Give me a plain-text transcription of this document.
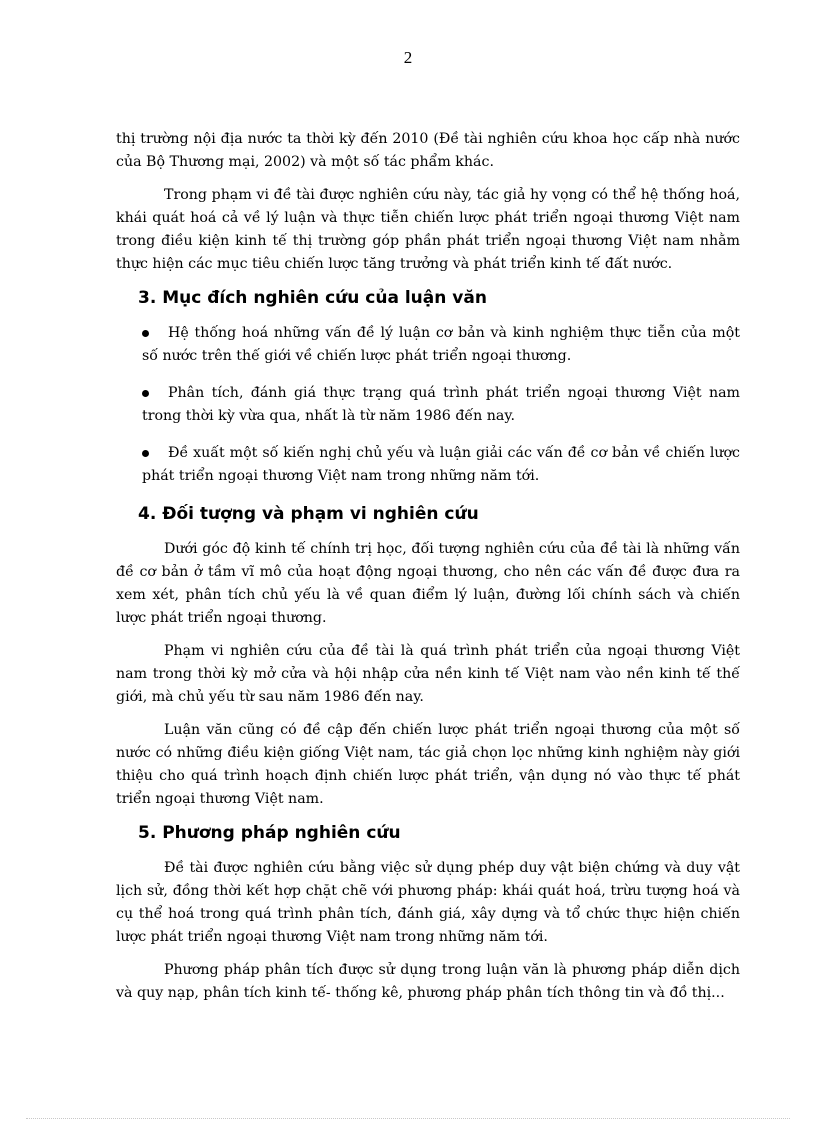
2

thị trường nội địa nước ta thời kỳ đến 2010 (Đề tài nghiên cứu khoa học cấp nhà nước của Bộ Thương mại, 2002) và một số tác phẩm khác.

Trong phạm vi đề tài được nghiên cứu này, tác giả hy vọng có thể hệ thống hoá, khái quát hoá cả về lý luận và thực tiễn chiến lược phát triển ngoại thương Việt nam trong điều kiện kinh tế thị trường góp phần phát triển ngoại thương Việt nam nhằm thực hiện các mục tiêu chiến lược tăng trưởng và phát triển kinh tế đất nước.

3. Mục đích nghiên cứu của luận văn
Hệ thống hoá những vấn đề lý luận cơ bản và kinh nghiệm thực tiễn của một số nước trên thế giới về chiến lược phát triển ngoại thương.
Phân tích, đánh giá thực trạng quá trình phát triển ngoại thương Việt nam trong thời kỳ vừa qua, nhất là từ năm 1986 đến nay.
Đề xuất một số kiến nghị chủ yếu và luận giải các vấn đề cơ bản về chiến lược phát triển ngoại thương Việt nam trong những năm tới.
4. Đối tượng và phạm vi nghiên cứu

Dưới góc độ kinh tế chính trị học, đối tượng nghiên cứu của đề tài là những vấn đề cơ bản ở tầm vĩ mô của hoạt động ngoại thương, cho nên các vấn đề được đưa ra xem xét, phân tích chủ yếu là về quan điểm lý luận, đường lối chính sách và chiến lược phát triển ngoại thương.

Phạm vi nghiên cứu của đề tài là quá trình phát triển của ngoại thương Việt nam trong thời kỳ mở cửa và hội nhập cửa nền kinh tế Việt nam vào nền kinh tế thế giới, mà chủ yếu từ sau năm 1986 đến nay.

Luận văn cũng có đề cập đến chiến lược phát triển ngoại thương của một số nước có những điều kiện giống Việt nam, tác giả chọn lọc những kinh nghiệm này giới thiệu cho quá trình hoạch định chiến lược phát triển, vận dụng nó vào thực tế phát triển ngoại thương Việt nam.

5. Phương pháp nghiên cứu

Đề tài được nghiên cứu bằng việc sử dụng phép duy vật biện chứng và duy vật lịch sử, đồng thời kết hợp chặt chẽ với phương pháp: khái quát hoá, trừu tượng hoá và cụ thể hoá trong quá trình phân tích, đánh giá, xây dựng và tổ chức thực hiện chiến lược phát triển ngoại thương Việt nam trong những năm tới.

Phương pháp phân tích được sử dụng trong luận văn là phương pháp diễn dịch và quy nạp, phân tích kinh tế- thống kê, phương pháp phân tích thông tin và đồ thị...
